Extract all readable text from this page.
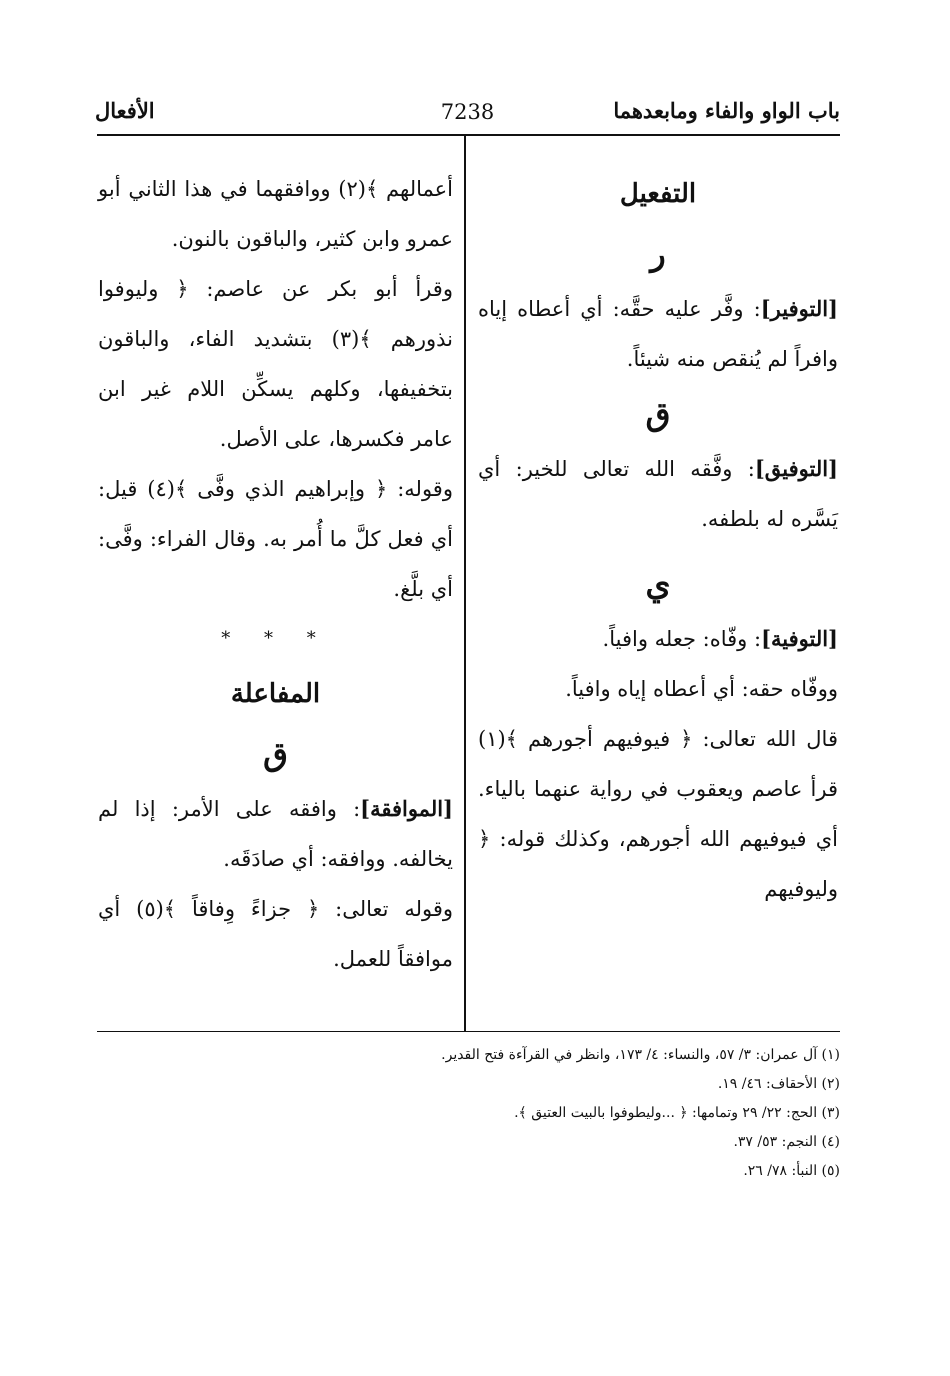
باب الواو والفاء ومابعدهما
7238
الأفعال
التفعيل
ر

[التوفير]: وفَّر عليه حقَّه: أي أعطاه إياه وافراً لم يُنقص منه شيئاً.

ق

[التوفيق]: وفَّقه الله تعالى للخير: أي يَسَّره له بلطفه.

ي

[التوفية]: وفّاه: جعله وافياً.

ووفّاه حقه: أي أعطاه إياه وافياً.

قال الله تعالى: ﴿ فيوفيهم أجورهم ﴾(١) قرأ عاصم ويعقوب في رواية عنهما بالياء. أي فيوفيهم الله أجورهم، وكذلك قوله: ﴿ وليوفيهم

أعمالهم ﴾(٢) ووافقهما في هذا الثاني أبو عمرو وابن كثير، والباقون بالنون.

وقرأ أبو بكر عن عاصم: ﴿ وليوفوا نذورهم ﴾(٣) بتشديد الفاء، والباقون بتخفيفها، وكلهم يسكِّن اللام غير ابن عامر فكسرها، على الأصل.

وقوله: ﴿ وإبراهيم الذي وفَّى ﴾(٤) قيل: أي فعل كلَّ ما أُمر به. وقال الفراء: وفَّى: أي بلَّغ.

* * *
المفاعلة
ق

[الموافقة]: وافقه على الأمر: إذا لم يخالفه. ووافقه: أي صادَقَه.

وقوله تعالى: ﴿ جزاءً وِفاقاً ﴾(٥) أي موافقاً للعمل.

(١) آل عمران: ٣/ ٥٧، والنساء: ٤/ ١٧٣، وانظر في القرآءة فتح القدير.

(٢) الأحقاف: ٤٦/ ١٩.

(٣) الحج: ٢٢/ ٢٩ وتمامها: ﴿ ...وليطوفوا بالبيت العتيق ﴾.

(٤) النجم: ٥٣/ ٣٧.

(٥) النبأ: ٧٨/ ٢٦.
